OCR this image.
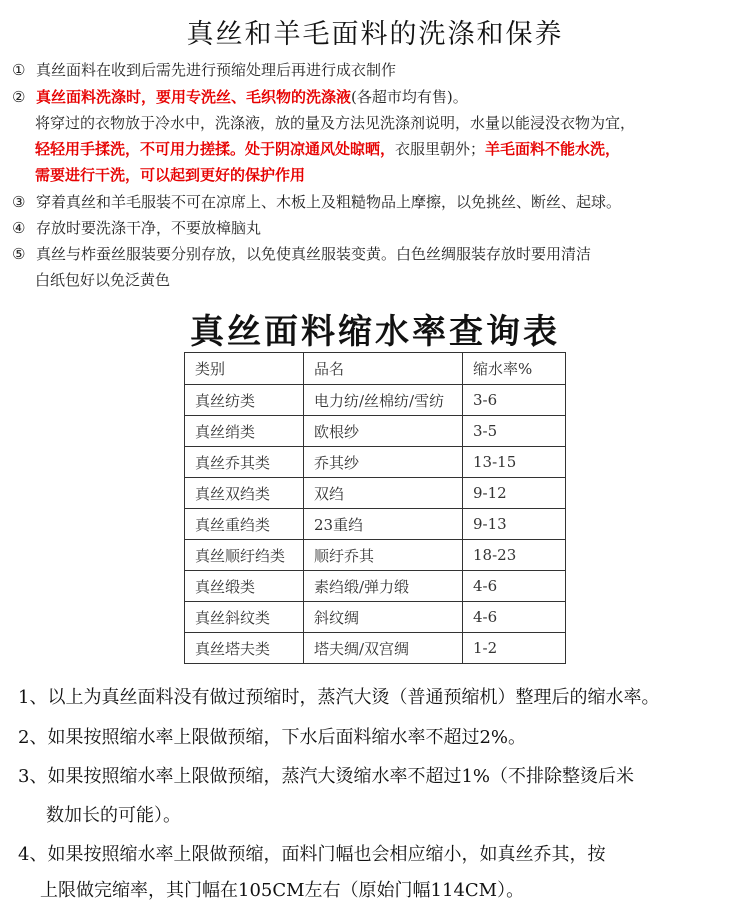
真丝和羊毛面料的洗涤和保养
① 真丝面料在收到后需先进行预缩处理后再进行成衣制作
② 真丝面料洗涤时，要用专洗丝、毛织物的洗涤液(各超市均有售)。
将穿过的衣物放于冷水中，洗涤液，放的量及方法见洗涤剂说明，水量以能浸没衣物为宜，
轻轻用手揉洗，不可用力搓揉。处于阴凉通风处晾晒，衣服里朝外；羊毛面料不能水洗，
需要进行干洗，可以起到更好的保护作用
③ 穿着真丝和羊毛服装不可在凉席上、木板上及粗糙物品上摩擦，以免挑丝、断丝、起球。
④ 存放时要洗涤干净，不要放樟脑丸
⑤ 真丝与柞蚕丝服装要分别存放，以免使真丝服装变黄。白色丝绸服装存放时要用清洁
白纸包好以免泛黄色
真丝面料缩水率查询表
类别	品名	缩水率%
真丝纺类	电力纺/丝棉纺/雪纺	3-6
真丝绡类	欧根纱	3-5
真丝乔其类	乔其纱	13-15
真丝双绉类	双绉	9-12
真丝重绉类	23重绉	9-13
真丝顺纡绉类	顺纡乔其	18-23
真丝缎类	素绉缎/弹力缎	4-6
真丝斜纹类	斜纹绸	4-6
真丝塔夫类	塔夫绸/双宫绸	1-2
1、以上为真丝面料没有做过预缩时，蒸汽大烫（普通预缩机）整理后的缩水率。
2、如果按照缩水率上限做预缩，下水后面料缩水率不超过2%。
3、如果按照缩水率上限做预缩，蒸汽大烫缩水率不超过1%（不排除整烫后米
数加长的可能）。
4、如果按照缩水率上限做预缩，面料门幅也会相应缩小，如真丝乔其，按
上限做完缩率，其门幅在105CM左右（原始门幅114CM）。
